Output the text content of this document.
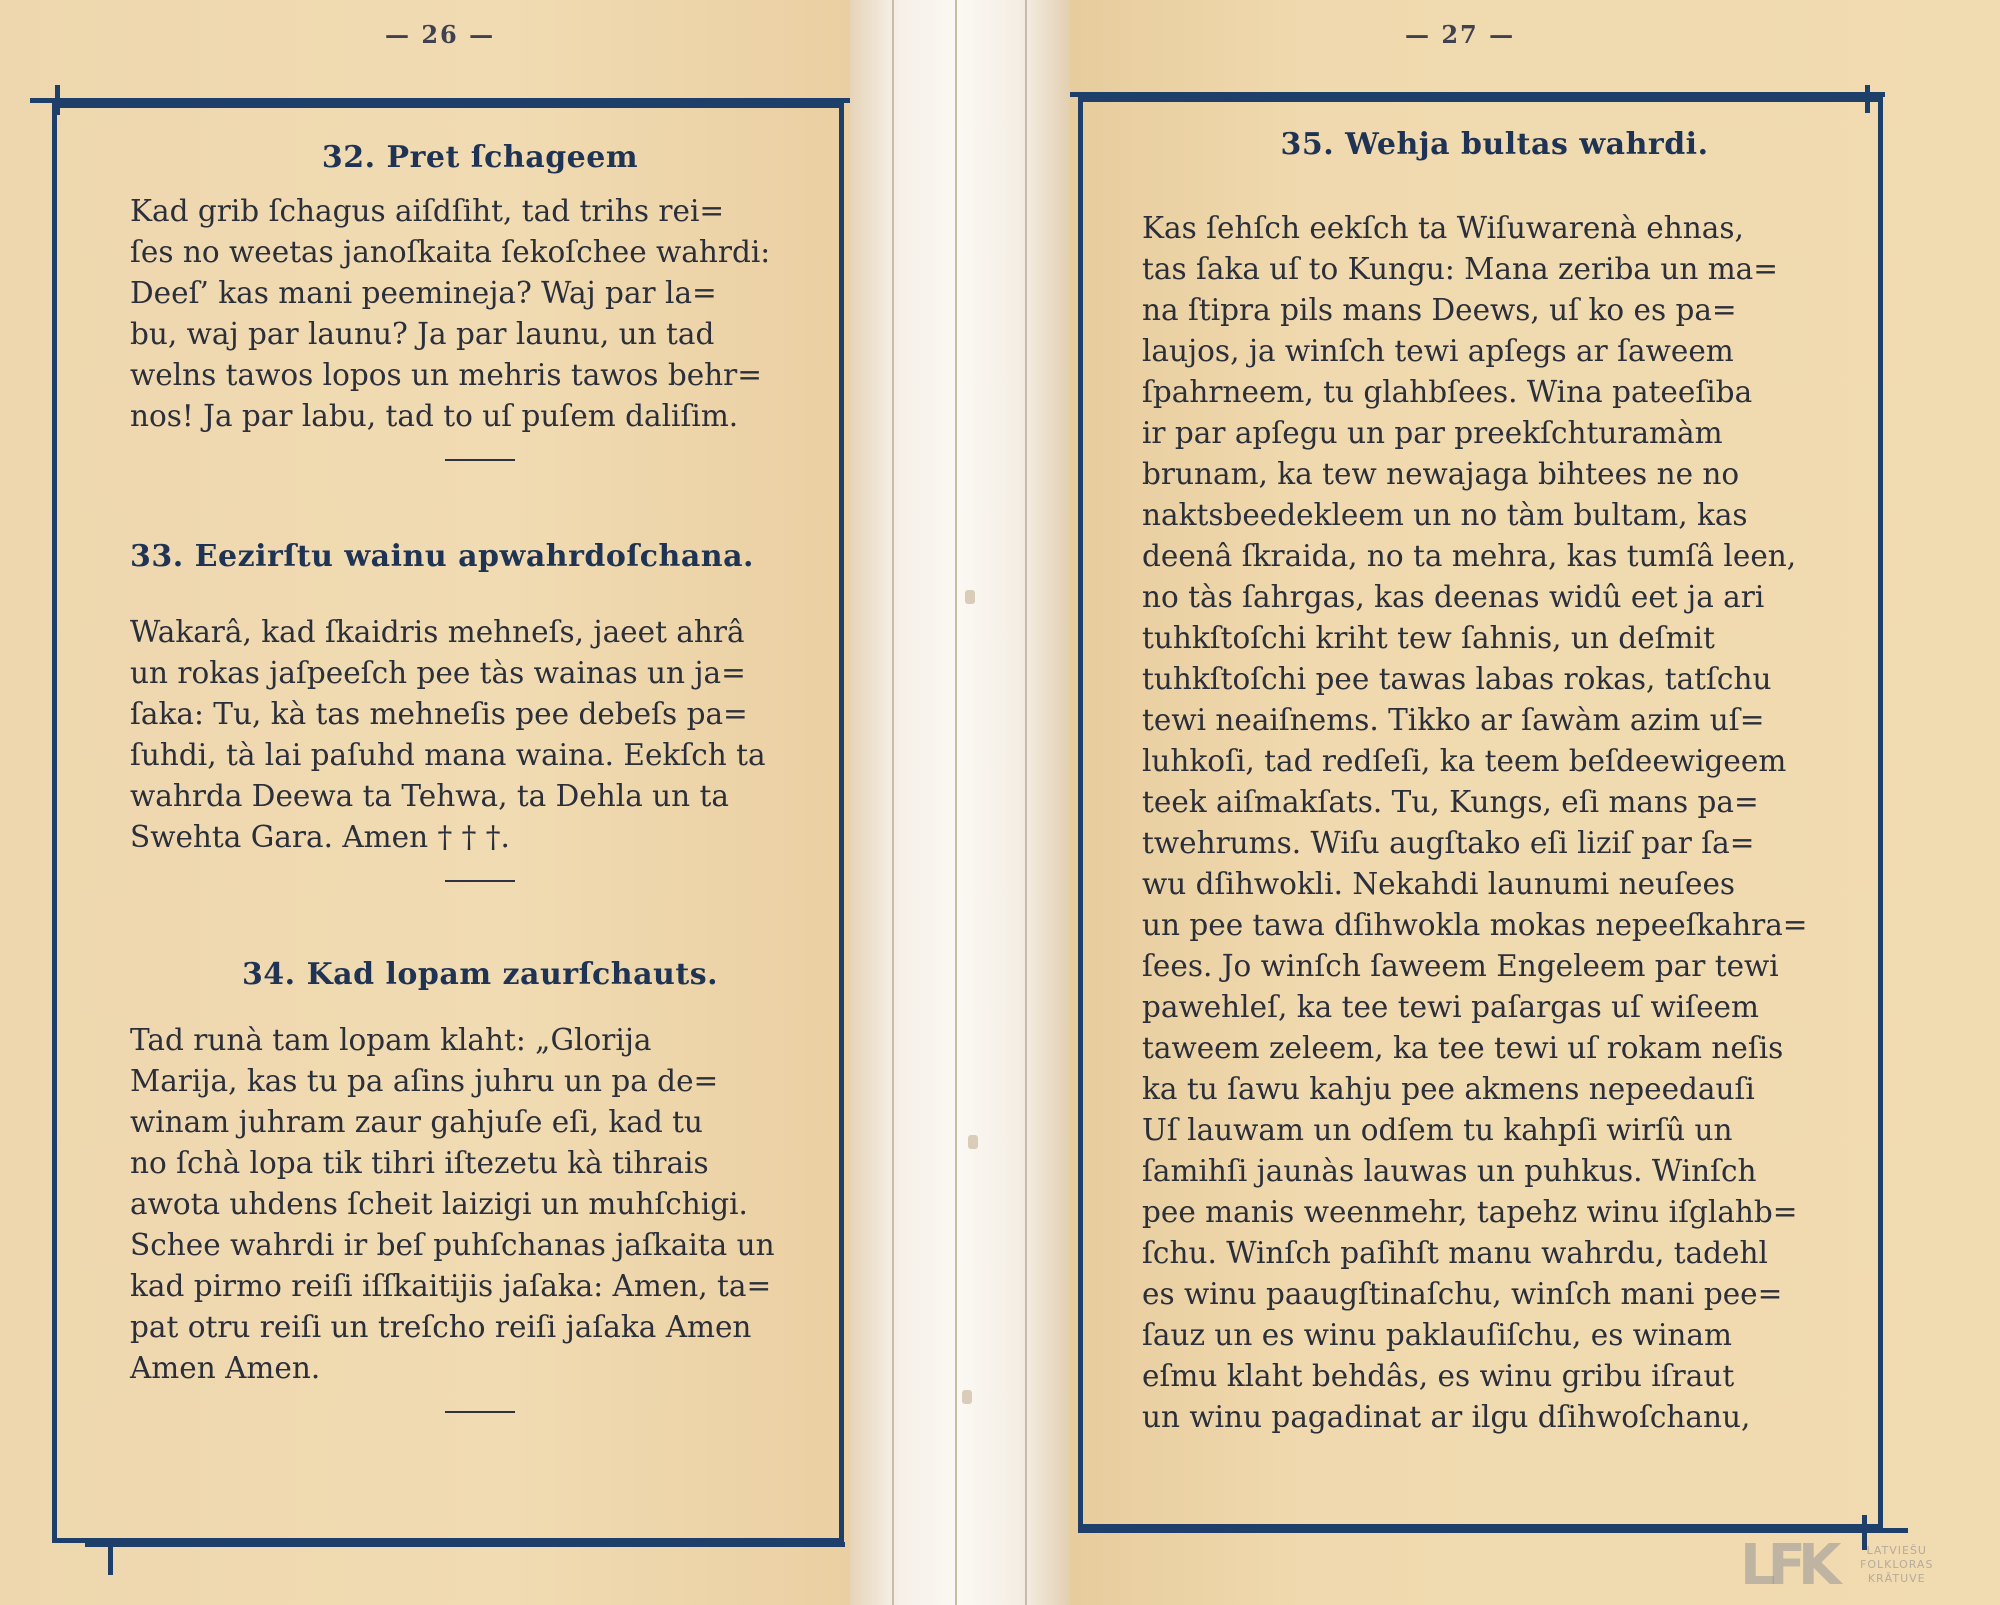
— 26 —

32. Pret ſchageem

Kad grib ſchagus aiſdſiht, tad trihs rei=

ſes no weetas janoſkaita ſekoſchee wahrdi:

Deeſ’ kas mani peemineja? Waj par la=

bu, waj par launu? Ja par launu, un tad

welns tawos lopos un mehris tawos behr=

nos! Ja par labu, tad to uſ puſem daliſim.

33. Eezirſtu wainu apwahrdoſchana.

Wakarâ, kad ſkaidris mehneſs, jaeet ahrâ

un rokas jaſpeeſch pee tàs wainas un ja=

ſaka: Tu, kà tas mehneſis pee debeſs pa=

ſuhdi, tà lai paſuhd mana waina. Eekſch ta

wahrda Deewa ta Tehwa, ta Dehla un ta

Swehta Gara. Amen † † †.

34. Kad lopam zaurſchauts.

Tad runà tam lopam klaht: „Glorija

Marija, kas tu pa aſins juhru un pa de=

winam juhram zaur gahjuſe eſi, kad tu

no ſchà lopa tik tihri iſtezetu kà tihrais

awota uhdens ſcheit laizigi un muhſchigi.

Schee wahrdi ir beſ puhſchanas jaſkaita un

kad pirmo reiſi iſſkaitijis jaſaka: Amen, ta=

pat otru reiſi un treſcho reiſi jaſaka Amen

Amen Amen.

— 27 —

35. Wehja bultas wahrdi.

Kas ſehſch eekſch ta Wiſuwarenà ehnas,

tas ſaka uſ to Kungu: Mana zeriba un ma=

na ſtipra pils mans Deews, uſ ko es pa=

laujos, ja winſch tewi apſegs ar ſaweem

ſpahrneem, tu glahbſees. Wina pateeſiba

ir par apſegu un par preekſchturamàm

brunam, ka tew newajaga bihtees ne no

naktsbeedekleem un no tàm bultam, kas

deenâ ſkraida, no ta mehra, kas tumſâ leen,

no tàs ſahrgas, kas deenas widû eet ja ari

tuhkſtoſchi kriht tew ſahnis, un deſmit

tuhkſtoſchi pee tawas labas rokas, tatſchu

tewi neaiſnems. Tikko ar ſawàm azim uſ=

luhkoſi, tad redſeſi, ka teem beſdeewigeem

teek aiſmakſats. Tu, Kungs, eſi mans pa=

twehrums. Wiſu augſtako eſi liziſ par ſa=

wu dſihwokli. Nekahdi launumi neuſees

un pee tawa dſihwokla mokas nepeeſkahra=

ſees. Jo winſch ſaweem Engeleem par tewi

pawehleſ, ka tee tewi paſargas uſ wiſeem

taweem zeleem, ka tee tewi uſ rokam neſis

ka tu ſawu kahju pee akmens nepeedauſi

Uſ lauwam un odſem tu kahpſi wirſû un

ſamihſi jaunàs lauwas un puhkus. Winſch

pee manis weenmehr, tapehz winu iſglahb=

ſchu. Winſch paſihſt manu wahrdu, tadehl

es winu paaugſtinaſchu, winſch mani pee=

ſauz un es winu paklauſiſchu, es winam

eſmu klaht behdâs, es winu gribu iſraut

un winu pagadinat ar ilgu dſihwoſchanu,

LFK	LATVIEŠU
FOLKLORAS
KRĀTUVE
